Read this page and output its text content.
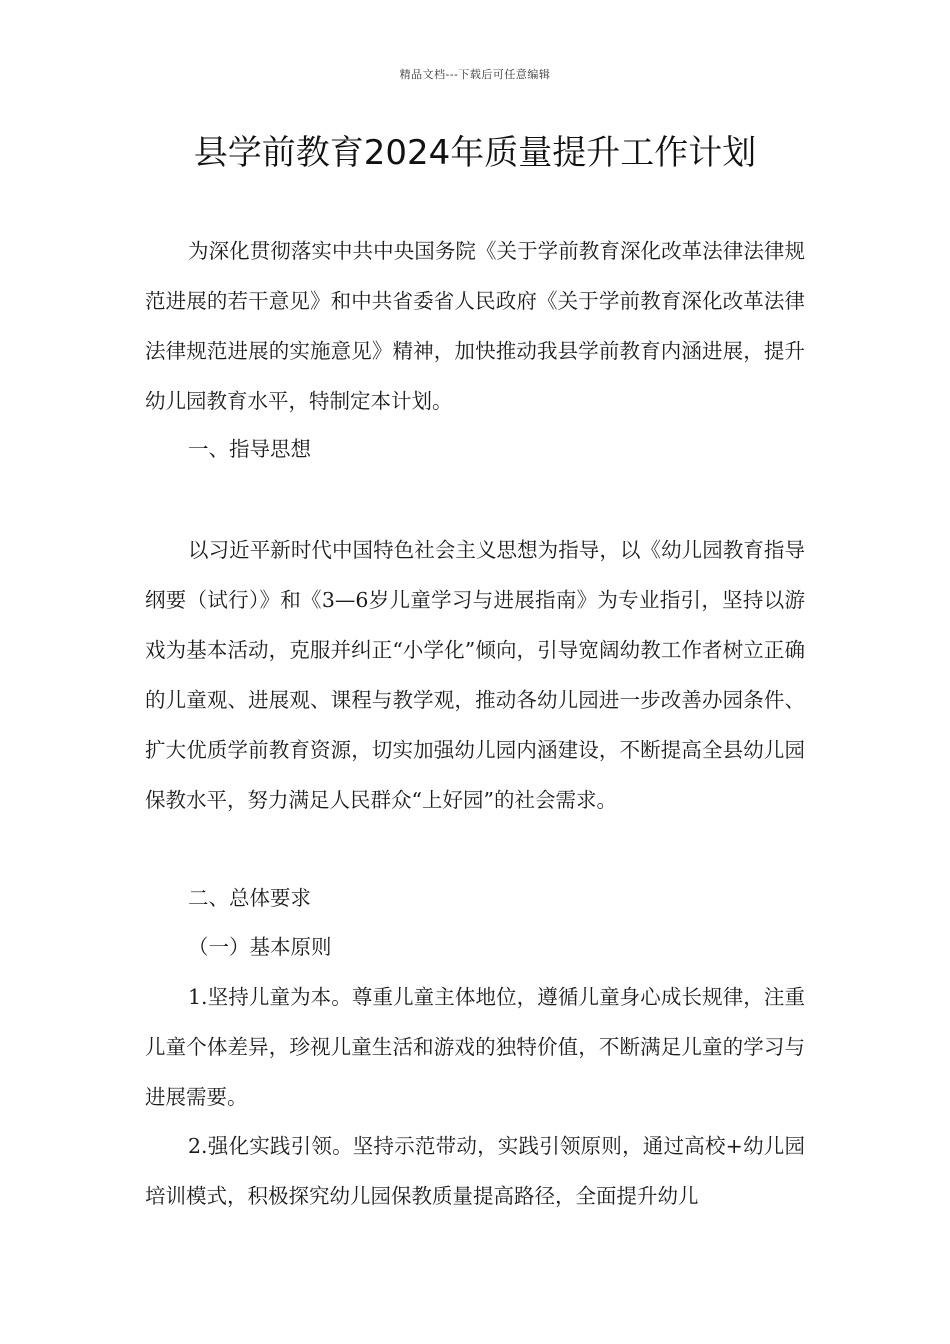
精品文档---下载后可任意编辑
县学前教育2024年质量提升工作计划

为深化贯彻落实中共中央国务院《关于学前教育深化改革法律法律规范进展的若干意见》和中共省委省人民政府《关于学前教育深化改革法律法律规范进展的实施意见》精神，加快推动我县学前教育内涵进展，提升幼儿园教育水平，特制定本计划。

一、指导思想

以习近平新时代中国特色社会主义思想为指导，以《幼儿园教育指导纲要（试行）》和《3—6岁儿童学习与进展指南》为专业指引，坚持以游戏为基本活动，克服并纠正“小学化”倾向，引导宽阔幼教工作者树立正确的儿童观、进展观、课程与教学观，推动各幼儿园进一步改善办园条件、扩大优质学前教育资源，切实加强幼儿园内涵建设，不断提高全县幼儿园保教水平，努力满足人民群众“上好园”的社会需求。

二、总体要求
（一）基本原则

1.坚持儿童为本。尊重儿童主体地位，遵循儿童身心成长规律，注重儿童个体差异，珍视儿童生活和游戏的独特价值，不断满足儿童的学习与进展需要。

2.强化实践引领。坚持示范带动，实践引领原则，通过高校+幼儿园培训模式，积极探究幼儿园保教质量提高路径，全面提升幼儿
